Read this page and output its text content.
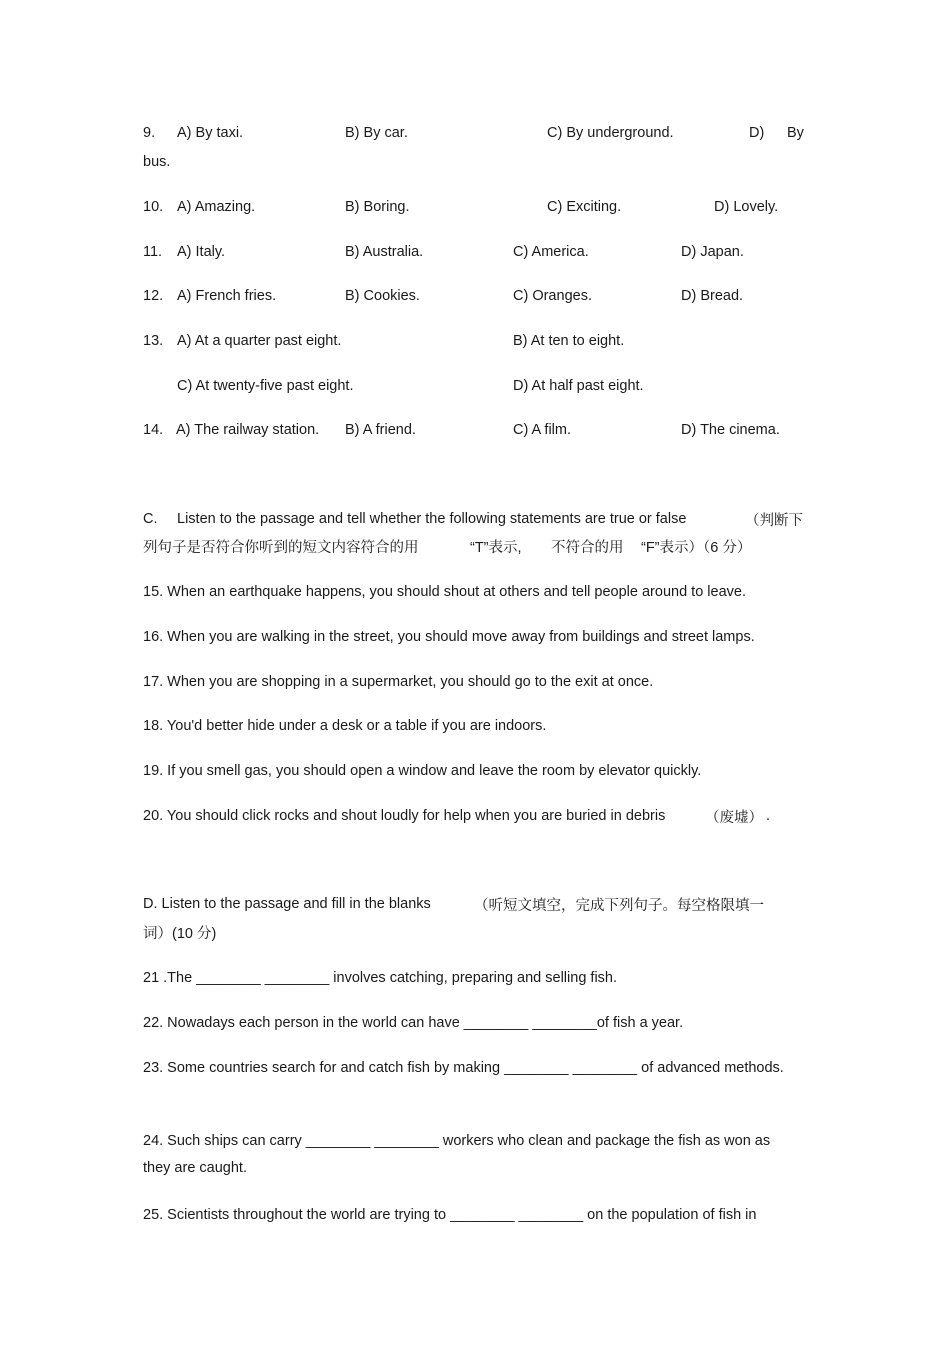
9. A) By taxi.	B) By car.	C) By underground.	D) By
bus.
10. A) Amazing.	B) Boring.	C) Exciting.	D) Lovely.
11. A) Italy.	B) Australia.	C) America.	D) Japan.
12. A) French fries.	B) Cookies.	C) Oranges.	D) Bread.
13. A) At a quarter past eight.	B) At ten to eight.
C) At twenty-five past eight.	D) At half past eight.
14. A) The railway station. B) A friend.	C) A film.	D) The cinema.
C. Listen to the passage and tell whether the following statements are true or false	（判断下
列句子是否符合你听到的短文内容符合的用	“T”表示, 不符合的用 “F”表示）（6 分）
15. When an earthquake happens, you should shout at others and tell people around to leave.
16. When you are walking in the street, you should move away from buildings and street lamps.
17. When you are shopping in a supermarket, you should go to the exit at once.
18. You'd better hide under a desk or a table if you are indoors.
19. If you smell gas, you should open a window and leave the room by elevator quickly.
20. You should click rocks and shout loudly for help when you are buried in debris	（废墟） .
D. Listen to the passage and fill in the blanks	（听短文填空，完成下列句子。每空格限填一
词）(10 分)
21 .The ________ ________ involves catching, preparing and selling fish.
22. Nowadays each person in the world can have ________ ________of fish a year.
23. Some countries search for and catch fish by making ________ ________ of advanced methods.
24. Such ships can carry ________ ________ workers who clean and package the fish as won as they are caught.
25. Scientists throughout the world are trying to ________ ________ on the population of fish in
